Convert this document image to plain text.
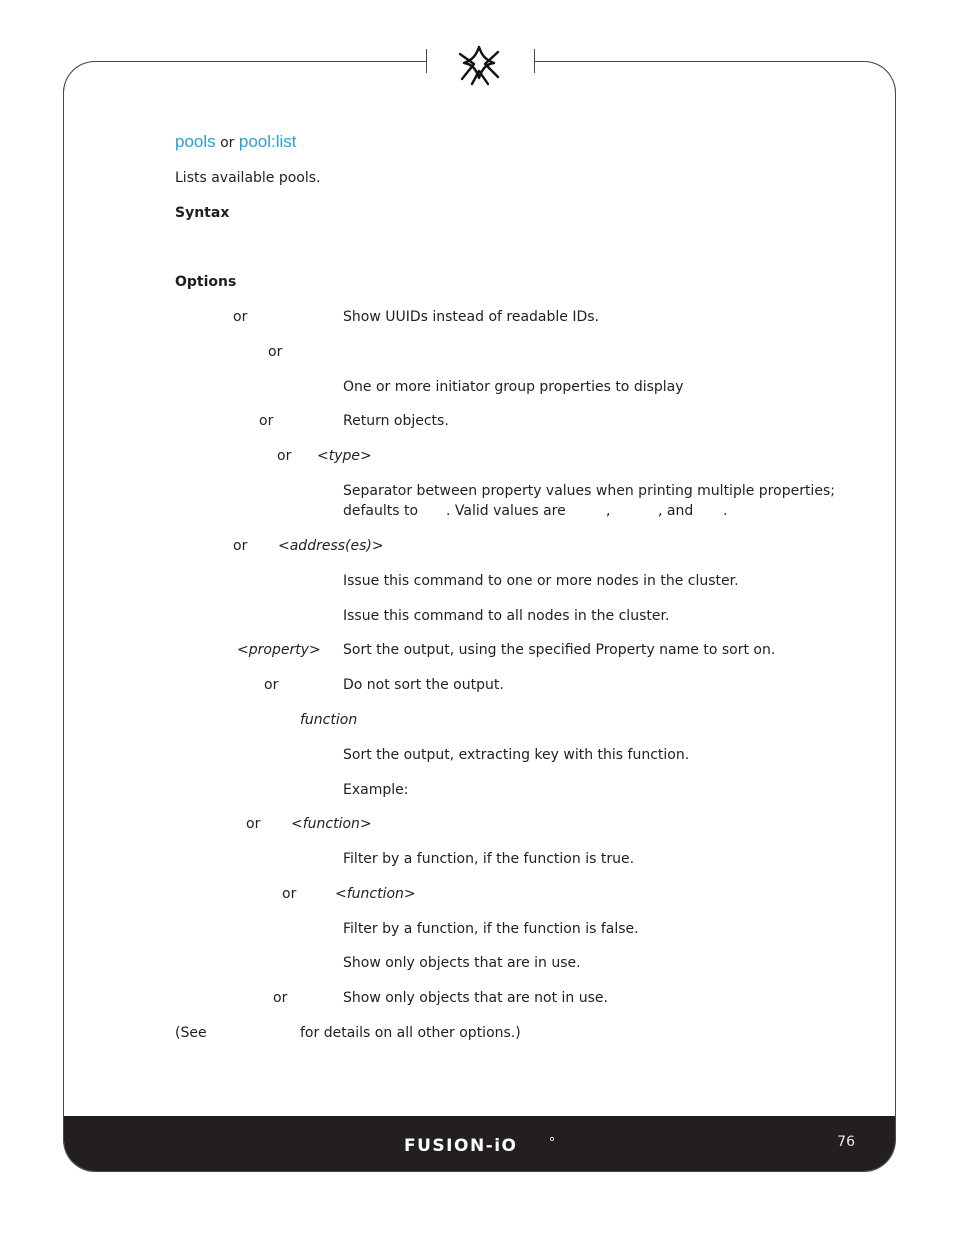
FUSION-iO	76
pools or pool:list
Lists available pools.
Syntax
Options
or	Show UUIDs instead of readable IDs.
or
One or more initiator group properties to display
or	Return objects.
or <type>
Separator between property values when printing multiple properties;
defaults to . Valid values are	,	, and .
or <address(es)>
Issue this command to one or more nodes in the cluster.
Issue this command to all nodes in the cluster.
<property> Sort the output, using the specified Property name to sort on.
or	Do not sort the output.
function
Sort the output, extracting key with this function.
Example:
or <function>
Filter by a function, if the function is true.
or	<function>
Filter by a function, if the function is false.
Show only objects that are in use.
or	Show only objects that are not in use.
(See	for details on all other options.)
